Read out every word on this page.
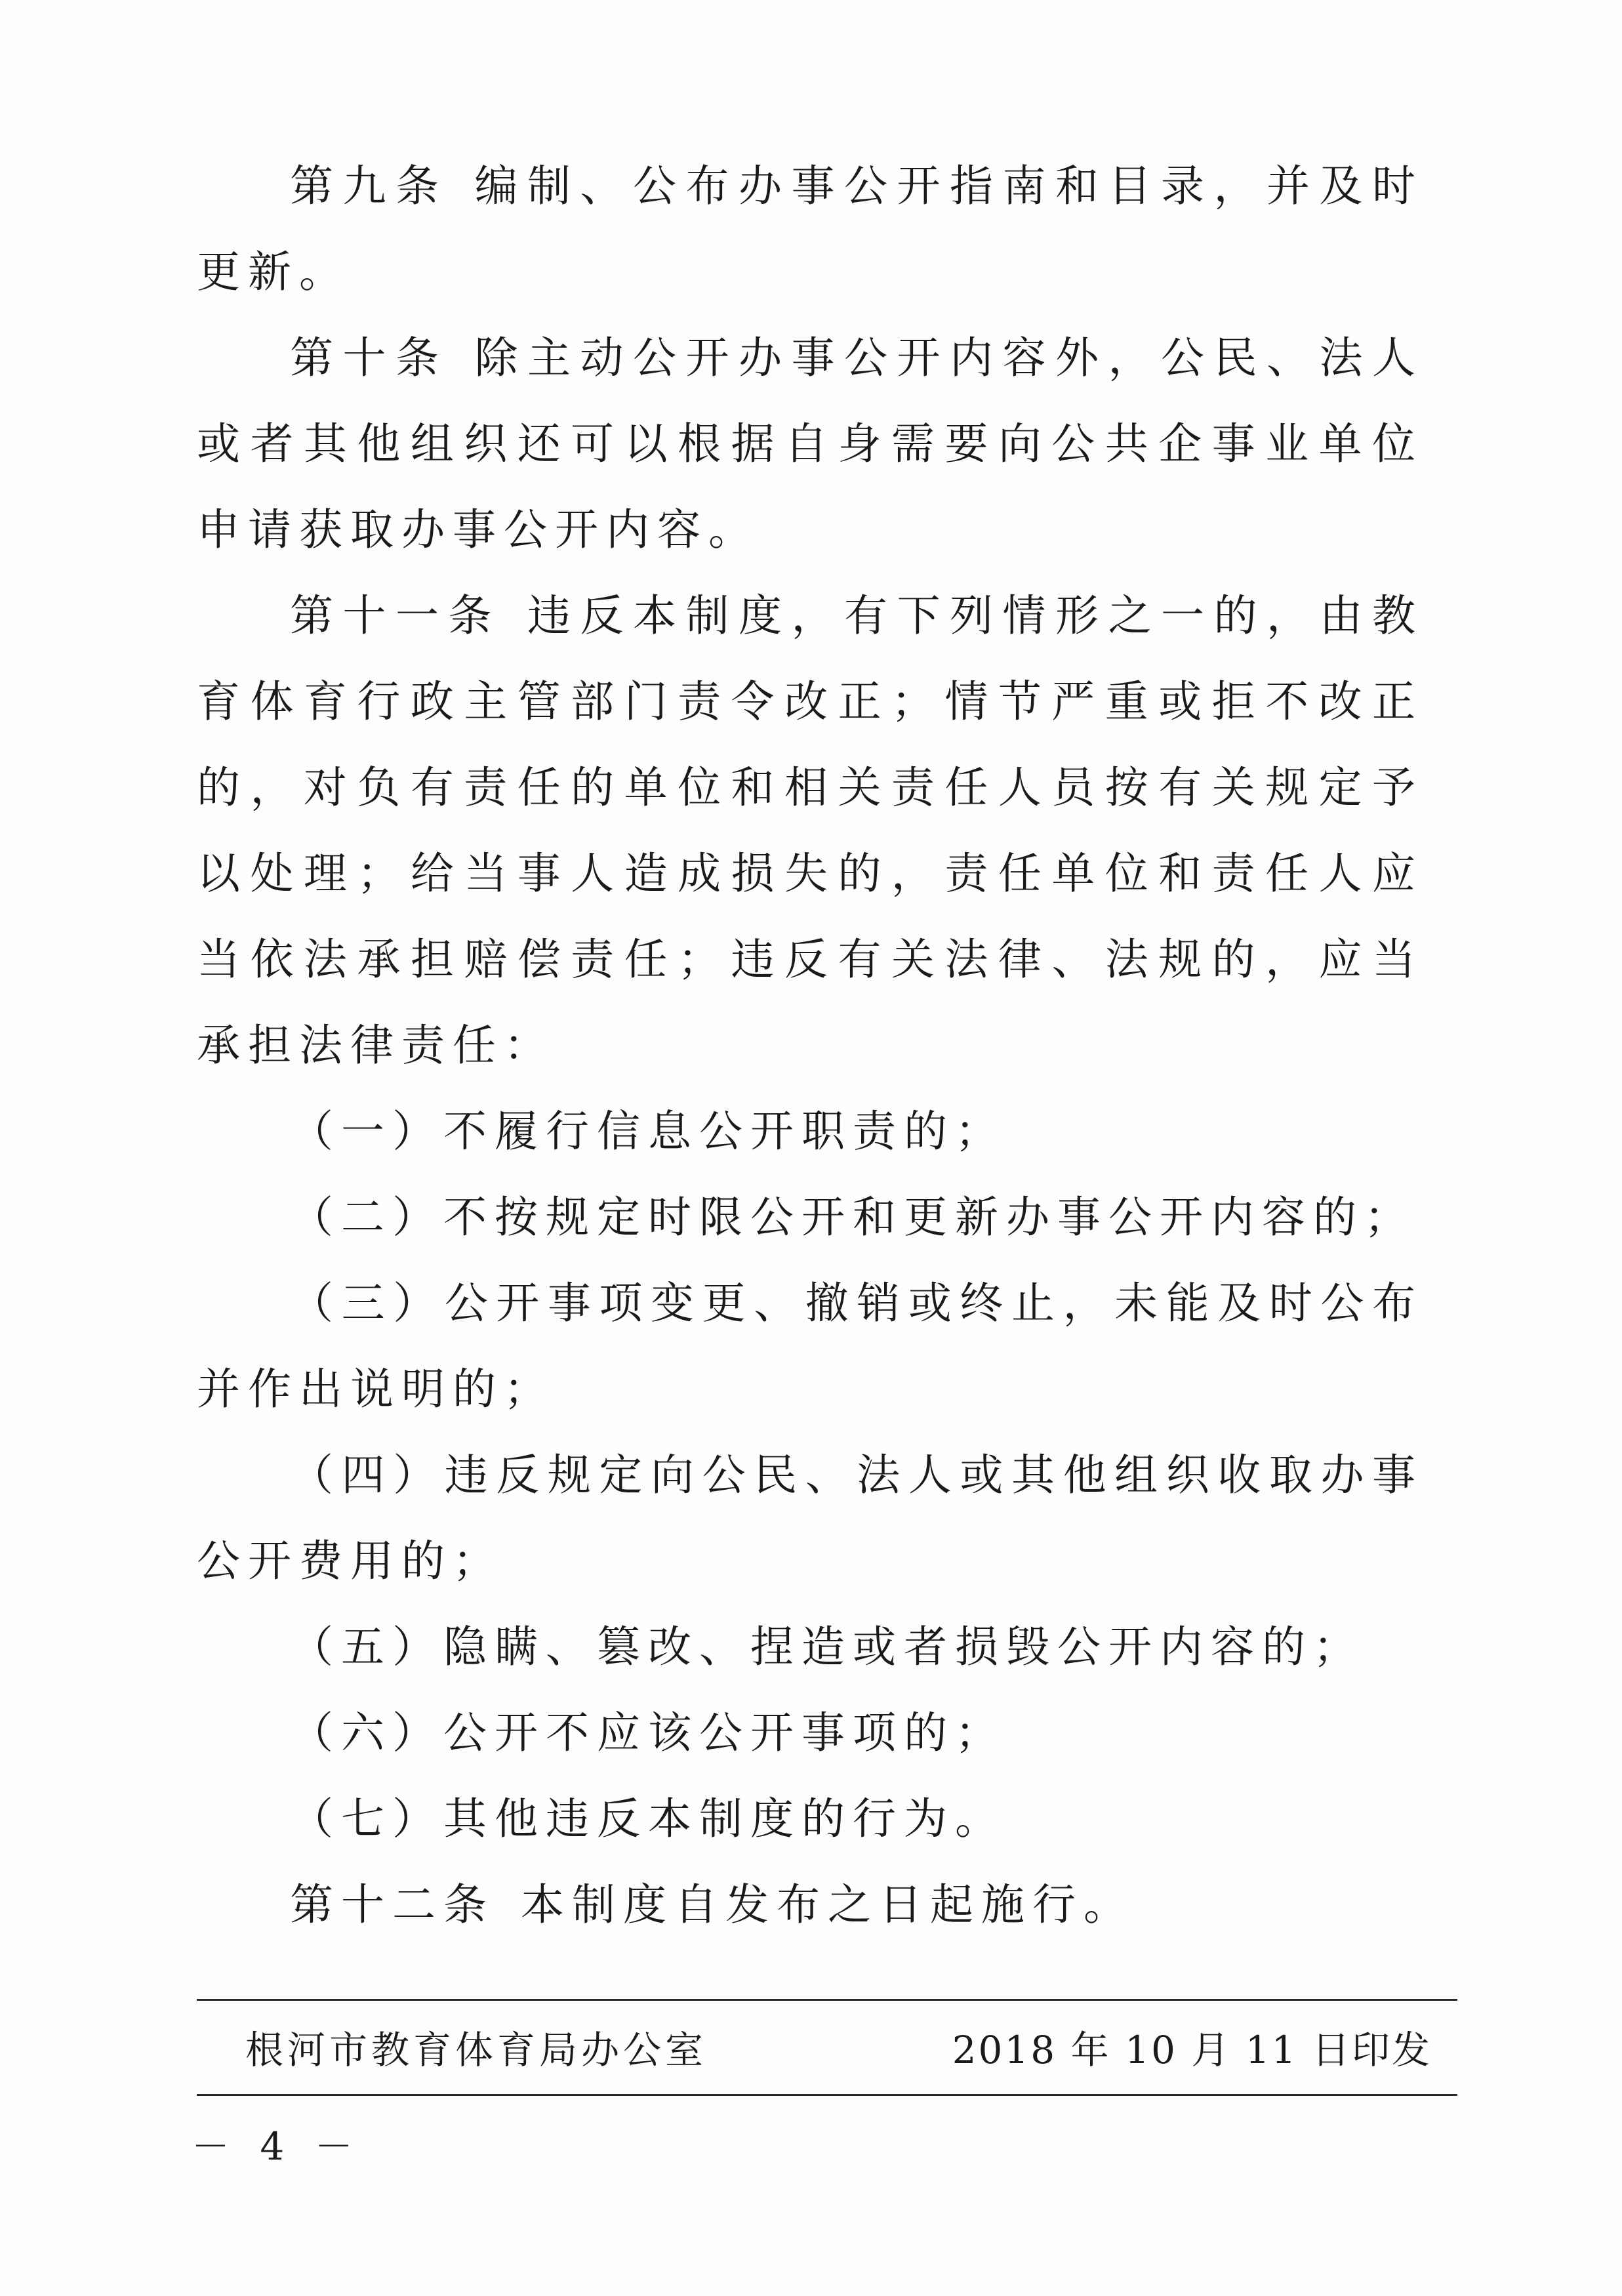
第九条 编制、公布办事公开指南和目录，并及时更新。

第十条 除主动公开办事公开内容外，公民、法人或者其他组织还可以根据自身需要向公共企事业单位申请获取办事公开内容。

第十一条 违反本制度，有下列情形之一的，由教育体育行政主管部门责令改正；情节严重或拒不改正的，对负有责任的单位和相关责任人员按有关规定予以处理；给当事人造成损失的，责任单位和责任人应当依法承担赔偿责任；违反有关法律、法规的，应当承担法律责任：

（一）不履行信息公开职责的；

（二）不按规定时限公开和更新办事公开内容的；

（三）公开事项变更、撤销或终止，未能及时公布并作出说明的；

（四）违反规定向公民、法人或其他组织收取办事公开费用的；

（五）隐瞒、篡改、捏造或者损毁公开内容的；

（六）公开不应该公开事项的；

（七）其他违反本制度的行为。

第十二条 本制度自发布之日起施行。

根河市教育体育局办公室	2018 年 10 月 11 日印发
－ 4 －
